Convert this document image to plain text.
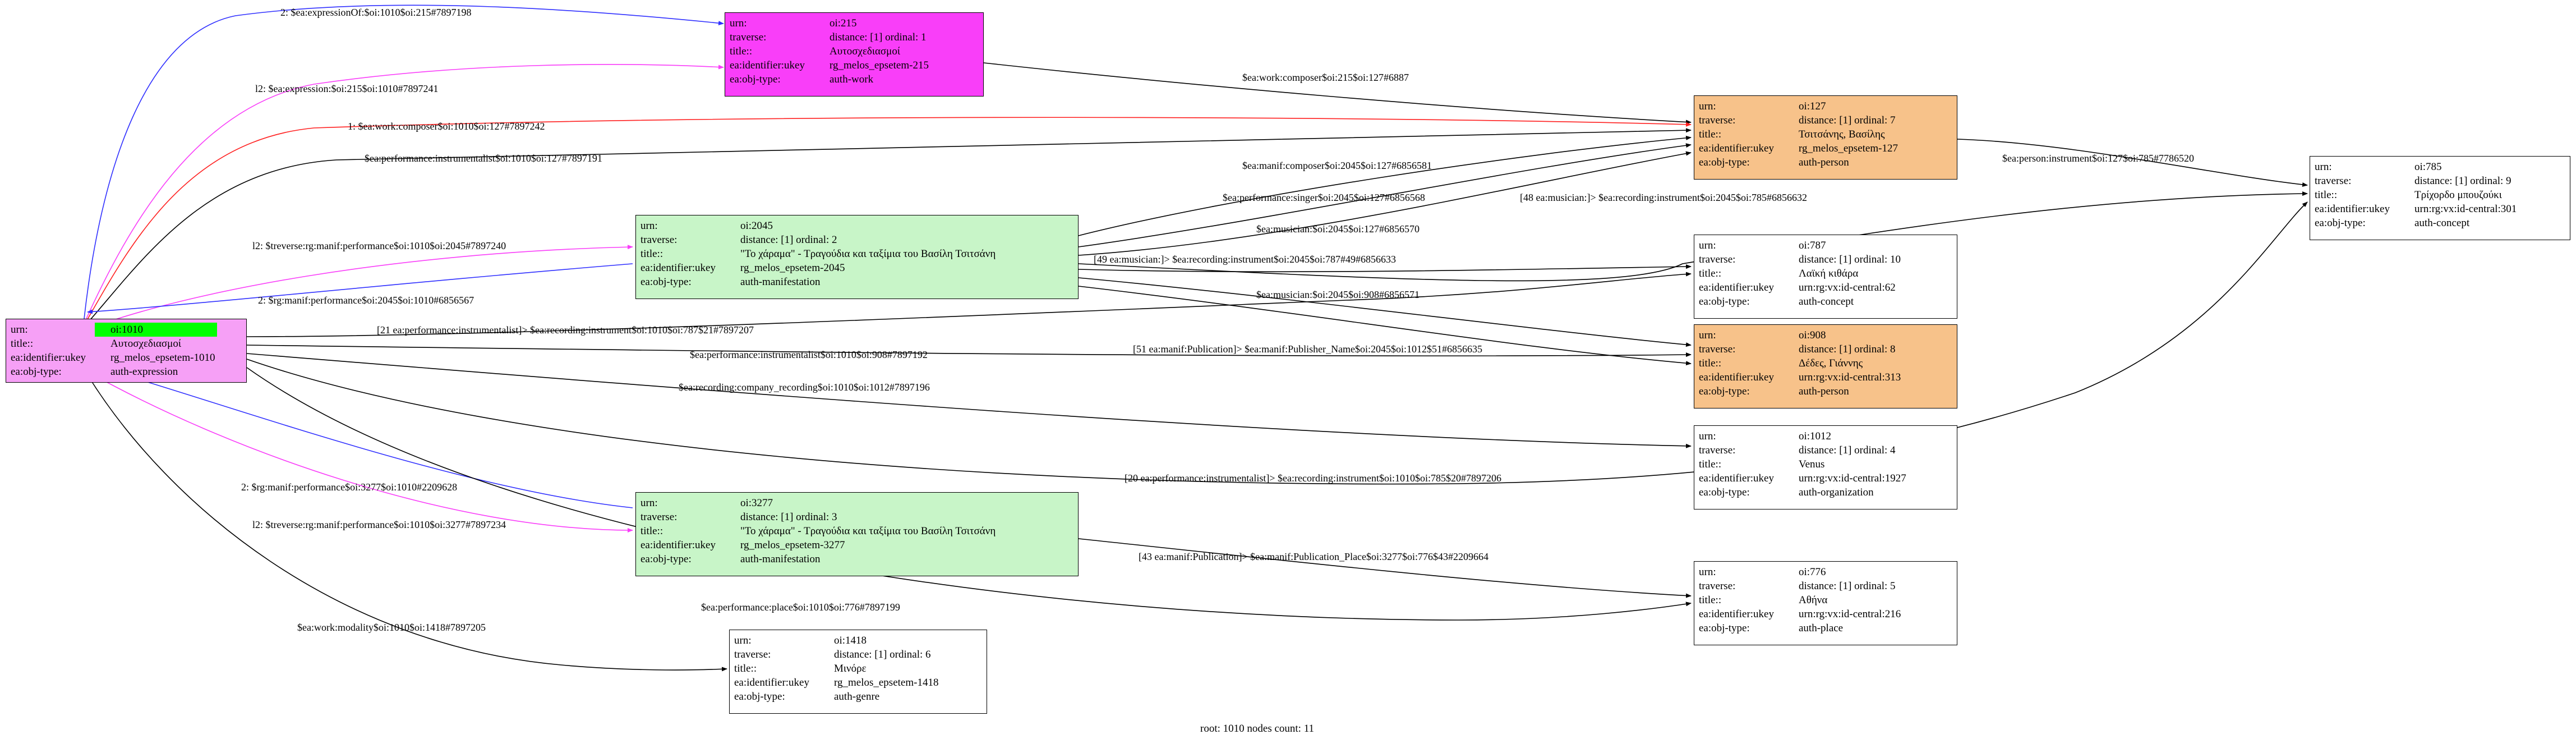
urn:	oi:1010
title::	Αυτοσχεδιασμοί
ea:identifier:ukey	rg_melos_epsetem-1010
ea:obj-type:	auth-expression
urn:	oi:215
traverse:	distance: [1] ordinal: 1
title::	Αυτοσχεδιασμοί
ea:identifier:ukey	rg_melos_epsetem-215
ea:obj-type:	auth-work
urn:	oi:2045
traverse:	distance: [1] ordinal: 2
title::	"Το χάραμα" - Τραγούδια και ταξίμια του Βασίλη Τσιτσάνη
ea:identifier:ukey	rg_melos_epsetem-2045
ea:obj-type:	auth-manifestation
urn:	oi:3277
traverse:	distance: [1] ordinal: 3
title::	"Το χάραμα" - Τραγούδια και ταξίμια του Βασίλη Τσιτσάνη
ea:identifier:ukey	rg_melos_epsetem-3277
ea:obj-type:	auth-manifestation
urn:	oi:1418
traverse:	distance: [1] ordinal: 6
title::	Μινόρε
ea:identifier:ukey	rg_melos_epsetem-1418
ea:obj-type:	auth-genre
urn:	oi:127
traverse:	distance: [1] ordinal: 7
title::	Τσιτσάνης, Βασίλης
ea:identifier:ukey	rg_melos_epsetem-127
ea:obj-type:	auth-person
urn:	oi:787
traverse:	distance: [1] ordinal: 10
title::	Λαϊκή κιθάρα
ea:identifier:ukey	urn:rg:vx:id-central:62
ea:obj-type:	auth-concept
urn:	oi:908
traverse:	distance: [1] ordinal: 8
title::	Δέδες, Γιάννης
ea:identifier:ukey	urn:rg:vx:id-central:313
ea:obj-type:	auth-person
urn:	oi:1012
traverse:	distance: [1] ordinal: 4
title::	Venus
ea:identifier:ukey	urn:rg:vx:id-central:1927
ea:obj-type:	auth-organization
urn:	oi:776
traverse:	distance: [1] ordinal: 5
title::	Αθήνα
ea:identifier:ukey	urn:rg:vx:id-central:216
ea:obj-type:	auth-place
urn:	oi:785
traverse:	distance: [1] ordinal: 9
title::	Τρίχορδο μπουζούκι
ea:identifier:ukey	urn:rg:vx:id-central:301
ea:obj-type:	auth-concept
2: $ea:expressionOf:$oi:1010$oi:215#7897198
l2: $ea:expression:$oi:215$oi:1010#7897241
$ea:work:composer$oi:215$oi:127#6887
1: $ea:work:composer$oi:1010$oi:127#7897242
$ea:performance:instrumentalist$oi:1010$oi:127#7897191
$ea:manif:composer$oi:2045$oi:127#6856581
$ea:performance:singer$oi:2045$oi:127#6856568
$ea:musician:$oi:2045$oi:127#6856570
l2: $treverse:rg:manif:performance$oi:1010$oi:2045#7897240
2: $rg:manif:performance$oi:2045$oi:1010#6856567
$ea:person:instrument$oi:127$oi:785#7786520
[48 ea:musician:]> $ea:recording:instrument$oi:2045$oi:785#6856632
[49 ea:musician:]> $ea:recording:instrument$oi:2045$oi:787#49#6856633
$ea:musician:$oi:2045$oi:908#6856571
[21 ea:performance:instrumentalist]> $ea:recording:instrument$oi:1010$oi:787$21#7897207
$ea:performance:instrumentalist$oi:1010$oi:908#7897192	[51 ea:manif:Publication]> $ea:manif:Publisher_Name$oi:2045$oi:1012$51#6856635
$ea:recording:company_recording$oi:1010$oi:1012#7897196
[20 ea:performance:instrumentalist]> $ea:recording:instrument$oi:1010$oi:785$20#7897206
2: $rg:manif:performance$oi:3277$oi:1010#2209628
l2: $treverse:rg:manif:performance$oi:1010$oi:3277#7897234
[43 ea:manif:Publication]> $ea:manif:Publication_Place$oi:3277$oi:776$43#2209664
$ea:performance:place$oi:1010$oi:776#7897199
$ea:work:modality$oi:1010$oi:1418#7897205
root: 1010 nodes count: 11
